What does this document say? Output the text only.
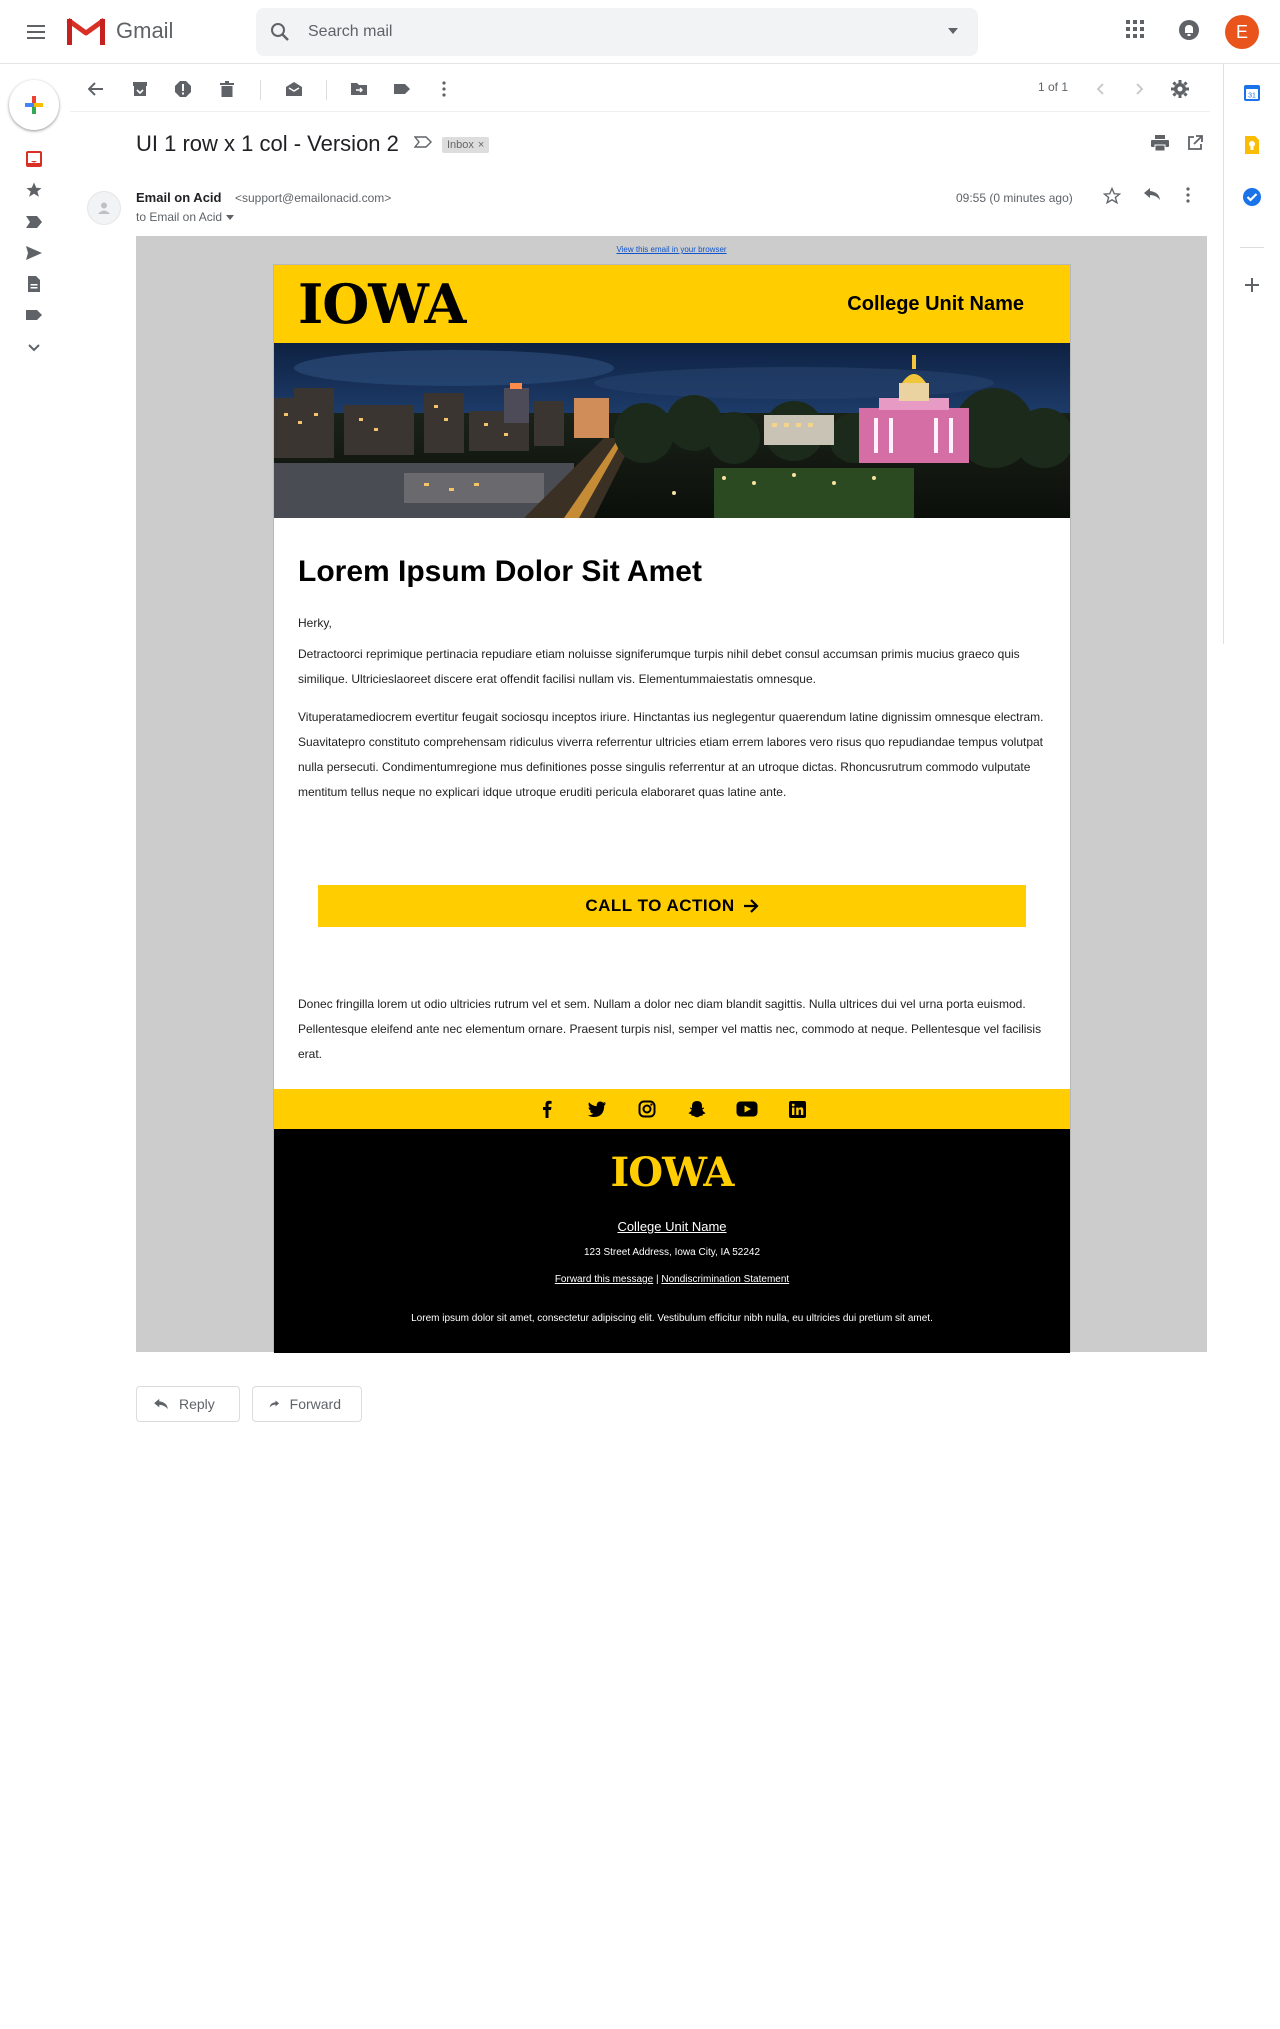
Gmail
Search mail	E
31
1 of 1
UI 1 row x 1 col - Version 2	Inbox ×
Email on Acid <support@emailonacid.com>
to Email on Acid
09:55 (0 minutes ago)
View this email in your browser
IOWA	College Unit Name
Lorem Ipsum Dolor Sit Amet
Herky,
Detractoorci reprimique pertinacia repudiare etiam noluisse signiferumque turpis nihil debet consul accumsan primis mucius graeco quis similique. Ultricieslaoreet discere erat offendit facilisi nullam vis. Elementummaiestatis omnesque.
Vituperatamediocrem evertitur feugait sociosqu inceptos iriure. Hinctantas ius neglegentur quaerendum latine dignissim omnesque electram. Suavitatepro constituto comprehensam ridiculus viverra referrentur ultricies etiam errem labores vero risus quo repudiandae tempus volutpat nulla persecuti. Condimentumregione mus definitiones posse singulis referrentur at an utroque dictas. Rhoncusrutrum commodo vulputate mentitum tellus neque no explicari idque utroque eruditi pericula elaboraret quas latine ante.
CALL TO ACTION
Donec fringilla lorem ut odio ultricies rutrum vel et sem. Nullam a dolor nec diam blandit sagittis. Nulla ultrices dui vel urna porta euismod. Pellentesque eleifend ante nec elementum ornare. Praesent turpis nisl, semper vel mattis nec, commodo at neque. Pellentesque vel facilisis erat.
IOWA
College Unit Name
123 Street Address, Iowa City, IA 52242
Forward this message | Nondiscrimination Statement
Lorem ipsum dolor sit amet, consectetur adipiscing elit. Vestibulum efficitur nibh nulla, eu ultricies dui pretium sit amet.
Reply	Forward
